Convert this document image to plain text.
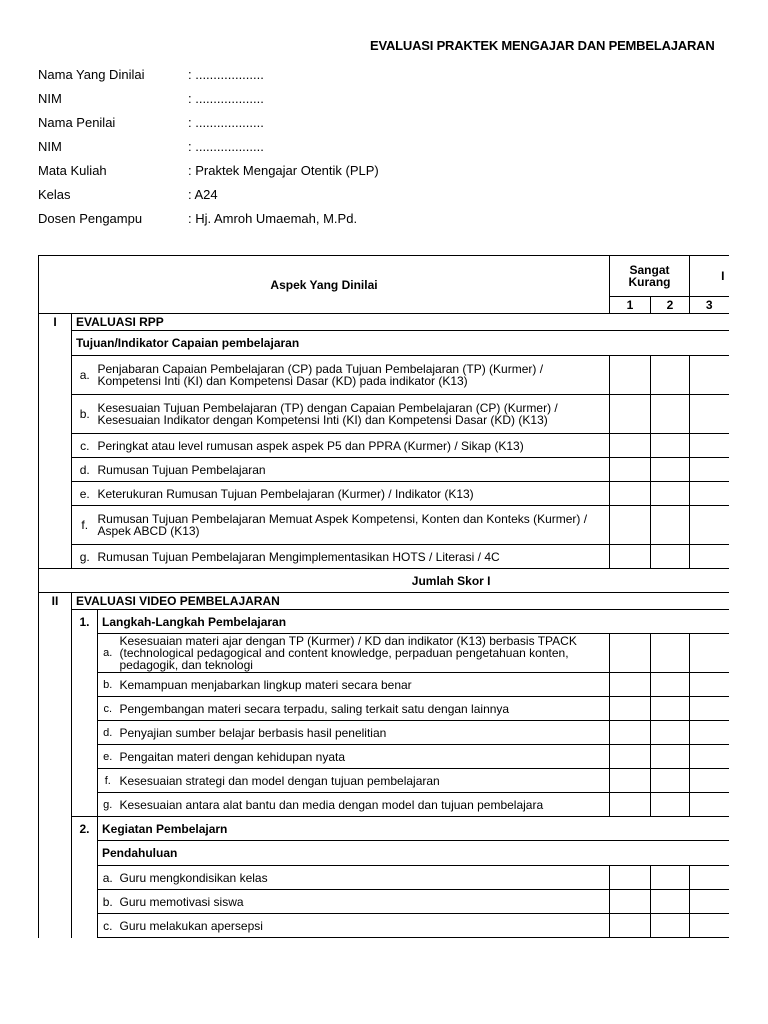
EVALUASI PRAKTEK MENGAJAR DAN PEMBELAJARAN
Nama Yang Dinilai	: ...................
NIM	: ...................
Nama Penilai	: ...................
NIM	: ...................
Mata Kuliah	: Praktek Mengajar Otentik (PLP)
Kelas	: A24
Dosen Pengampu	: Hj. Amroh Umaemah, M.Pd.
Aspek Yang Dinilai				Sangat Kurang		I
				1	2	3
I	EVALUASI RPP					
	Tujuan/Indikator Capaian pembelajaran					
	a.	Penjabaran Capaian Pembelajaran (CP) pada Tujuan Pembelajaran (TP) (Kurmer) / Kompetensi Inti (KI) dan Kompetensi Dasar (KD) pada indikator (K13)				
	b.	Kesesuaian Tujuan Pembelajaran (TP) dengan Capaian Pembelajaran (CP) (Kurmer) / Kesesuaian Indikator dengan Kompetensi Inti (KI) dan Kompetensi Dasar (KD) (K13)				
	c.	Peringkat atau level rumusan aspek aspek P5 dan PPRA (Kurmer) / Sikap (K13)				
	d.	Rumusan Tujuan Pembelajaran				
	e.	Keterukuran Rumusan Tujuan Pembelajaran (Kurmer) / Indikator (K13)				
	f.	Rumusan Tujuan Pembelajaran Memuat Aspek Kompetensi, Konten dan Konteks (Kurmer) / Aspek ABCD (K13)				
	g.	Rumusan Tujuan Pembelajaran Mengimplementasikan HOTS / Literasi / 4C				
Jumlah Skor I						
II	EVALUASI VIDEO PEMBELAJARAN					
	1.	Langkah-Langkah Pembelajaran				
		a.	Kesesuaian materi ajar dengan TP (Kurmer) / KD dan indikator (K13) berbasis TPACK (technological pedagogical and content knowledge, perpaduan pengetahuan konten, pedagogik, dan teknologi			
		b.	Kemampuan menjabarkan lingkup materi secara benar			
		c.	Pengembangan materi secara terpadu, saling terkait satu dengan lainnya			
		d.	Penyajian sumber belajar berbasis hasil penelitian			
		e.	Pengaitan materi dengan kehidupan nyata			
		f.	Kesesuaian strategi dan model dengan tujuan pembelajaran			
		g.	Kesesuaian antara alat bantu dan media dengan model dan tujuan pembelajara			
	2.	Kegiatan Pembelajarn				
		Pendahuluan				
		a.	Guru mengkondisikan kelas			
		b.	Guru memotivasi siswa			
		c.	Guru melakukan apersepsi			
